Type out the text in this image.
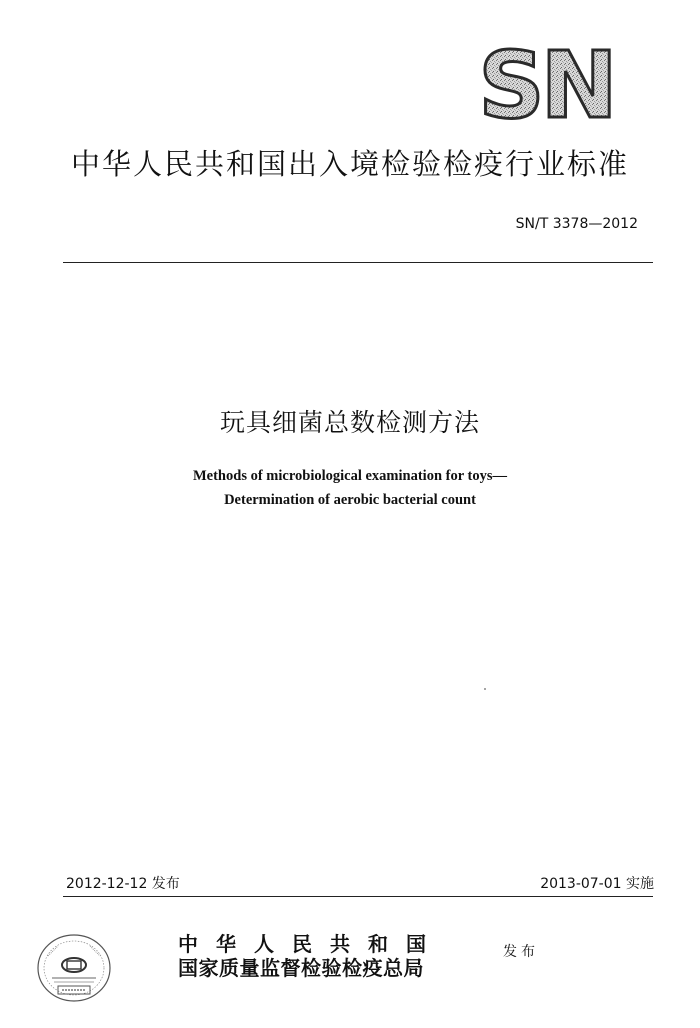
SN
中华人民共和国出入境检验检疫行业标准
SN/T 3378—2012
玩具细菌总数检测方法
Methods of microbiological examination for toys—
Determination of aerobic bacterial count
2012-12-12 发布	2013-07-01 实施
中华人民共和国
国家质量监督检验检疫总局
发布
